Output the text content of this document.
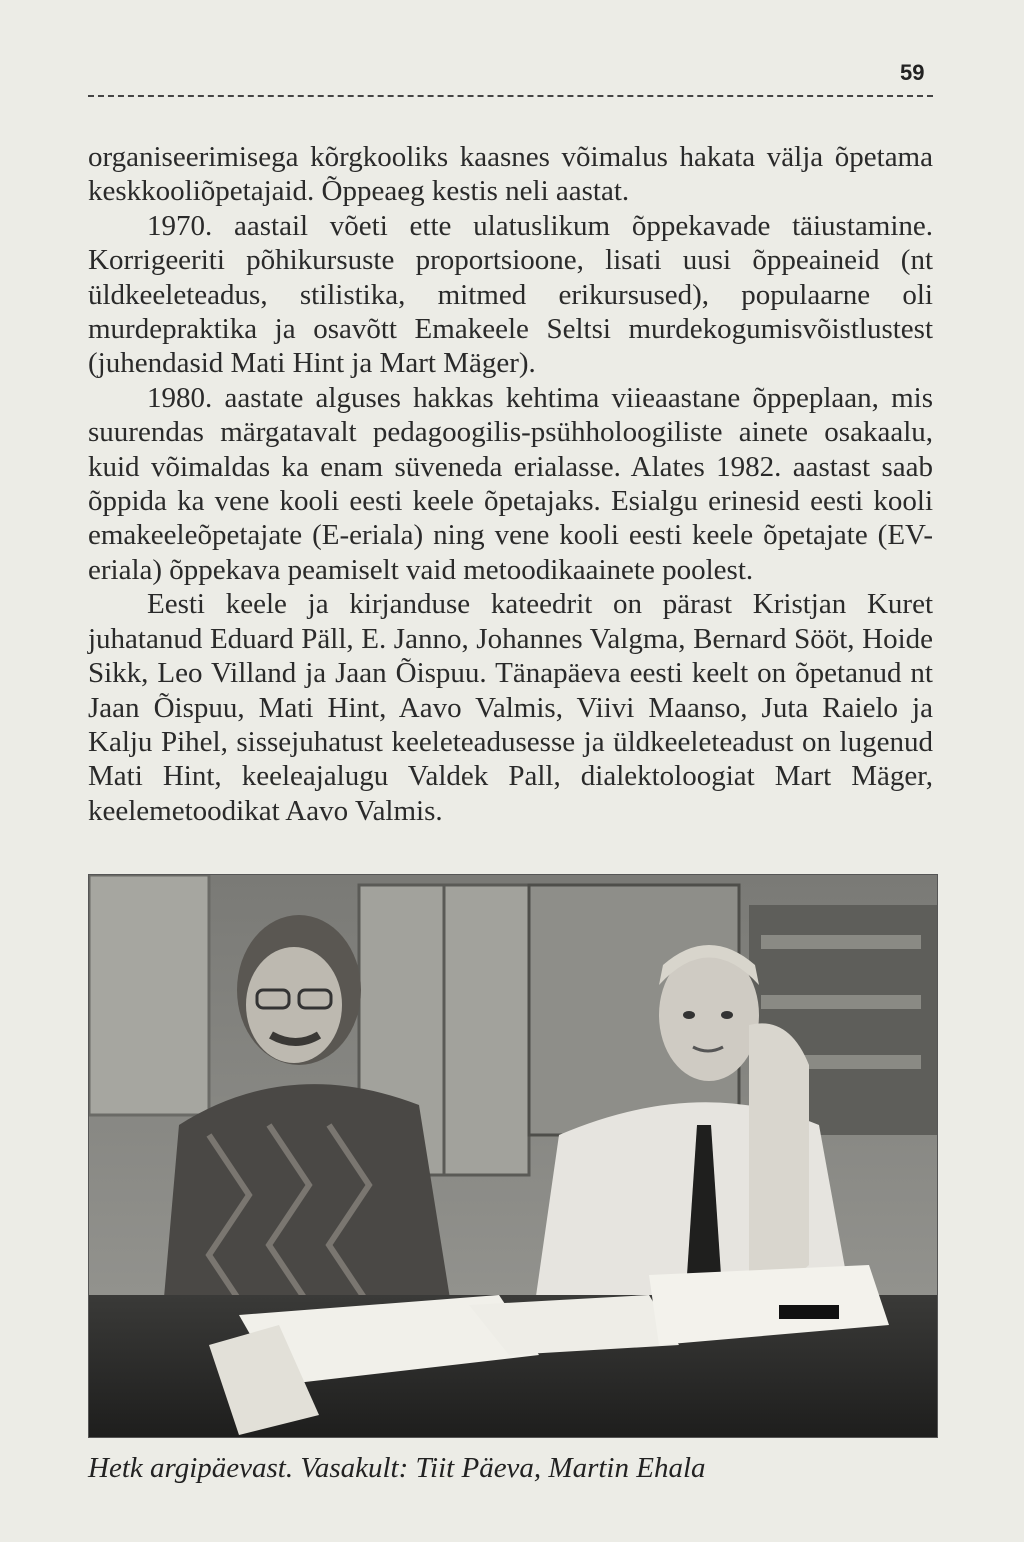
59

organiseerimisega kõrgkooliks kaasnes võimalus hakata välja õpetama keskkooliõpetajaid. Õppeaeg kestis neli aastat.

1970. aastail võeti ette ulatuslikum õppekavade täiustamine. Korrigeeriti põhikursuste proportsioone, lisati uusi õppeaineid (nt üldkeeleteadus, stilistika, mitmed erikursused), populaarne oli murdepraktika ja osavõtt Emakeele Seltsi murdekogumisvõistlustest (juhendasid Mati Hint ja Mart Mäger).

1980. aastate alguses hakkas kehtima viieaastane õppeplaan, mis suurendas märgatavalt pedagoogilis-psühholoogiliste ainete osakaalu, kuid võimaldas ka enam süveneda erialasse. Alates 1982. aastast saab õppida ka vene kooli eesti keele õpetajaks. Esialgu erinesid eesti kooli emakeeleõpetajate (E-eriala) ning vene kooli eesti keele õpetajate (EV-eriala) õppekava peamiselt vaid metoodikaainete poolest.

Eesti keele ja kirjanduse kateedrit on pärast Kristjan Kuret juhatanud Eduard Päll, E. Janno, Johannes Valgma, Bernard Sööt, Hoide Sikk, Leo Villand ja Jaan Õispuu. Tänapäeva eesti keelt on õpetanud nt Jaan Õispuu, Mati Hint, Aavo Valmis, Viivi Maanso, Juta Raielo ja Kalju Pihel, sissejuhatust keeleteadusesse ja üldkeeleteadust on lugenud Mati Hint, keeleajalugu Valdek Pall, dialektoloogiat Mart Mäger, keelemetoodikat Aavo Valmis.

Hetk argipäevast. Vasakult: Tiit Päeva, Martin Ehala
